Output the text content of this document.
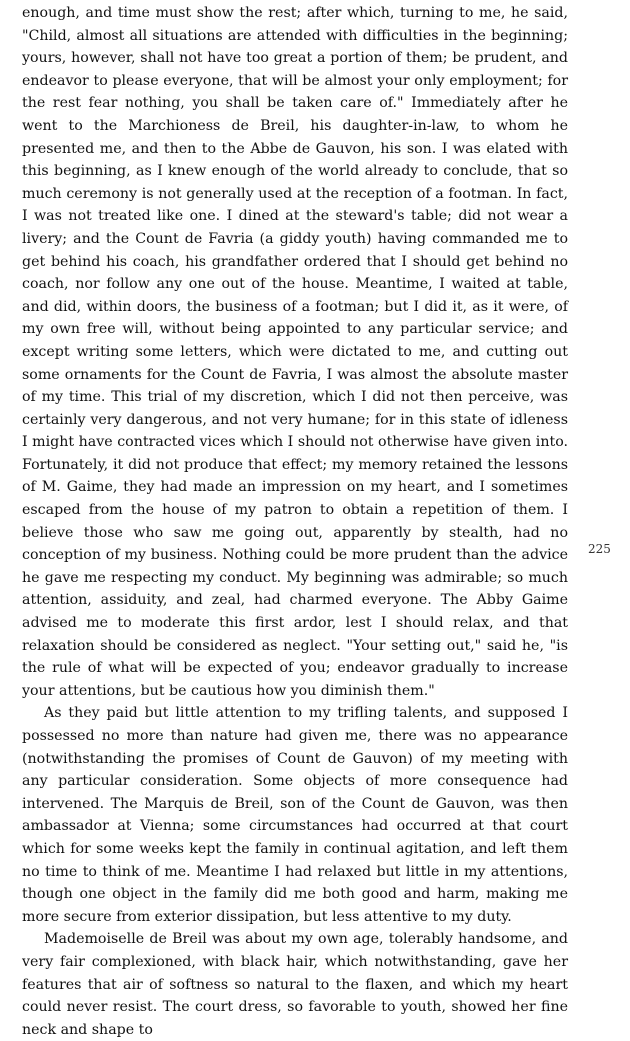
enough, and time must show the rest; after which, turning to me, he said, "Child, almost all situations are attended with difficulties in the beginning; yours, however, shall not have too great a portion of them; be prudent, and endeavor to please everyone, that will be almost your only employment; for the rest fear nothing, you shall be taken care of." Immediately after he went to the Marchioness de Breil, his daughter-in-law, to whom he presented me, and then to the Abbe de Gauvon, his son. I was elated with this beginning, as I knew enough of the world already to conclude, that so much ceremony is not generally used at the reception of a footman. In fact, I was not treated like one. I dined at the steward's table; did not wear a livery; and the Count de Favria (a giddy youth) having commanded me to get behind his coach, his grandfather ordered that I should get behind no coach, nor follow any one out of the house. Meantime, I waited at table, and did, within doors, the business of a footman; but I did it, as it were, of my own free will, without being appointed to any particular service; and except writing some letters, which were dictated to me, and cutting out some ornaments for the Count de Favria, I was almost the absolute master of my time. This trial of my discretion, which I did not then perceive, was certainly very dangerous, and not very humane; for in this state of idleness I might have contracted vices which I should not otherwise have given into. Fortunately, it did not produce that effect; my memory retained the lessons of M. Gaime, they had made an impression on my heart, and I sometimes escaped from the house of my patron to obtain a repetition of them. I believe those who saw me going out, apparently by stealth, had no conception of my business. Nothing could be more prudent than the advice he gave me respecting my conduct. My beginning was admirable; so much attention, assiduity, and zeal, had charmed everyone. The Abby Gaime advised me to moderate this first ardor, lest I should relax, and that relaxation should be considered as neglect. "Your setting out," said he, "is the rule of what will be expected of you; endeavor gradually to increase your attentions, but be cautious how you diminish them."

As they paid but little attention to my trifling talents, and supposed I possessed no more than nature had given me, there was no appearance (notwithstanding the promises of Count de Gauvon) of my meeting with any particular consideration. Some objects of more consequence had intervened. The Marquis de Breil, son of the Count de Gauvon, was then ambassador at Vienna; some circumstances had occurred at that court which for some weeks kept the family in continual agitation, and left them no time to think of me. Meantime I had relaxed but little in my attentions, though one object in the family did me both good and harm, making me more secure from exterior dissipation, but less attentive to my duty.

Mademoiselle de Breil was about my own age, tolerably handsome, and very fair complexioned, with black hair, which notwithstanding, gave her features that air of softness so natural to the flaxen, and which my heart could never resist. The court dress, so favorable to youth, showed her fine neck and shape to

225
